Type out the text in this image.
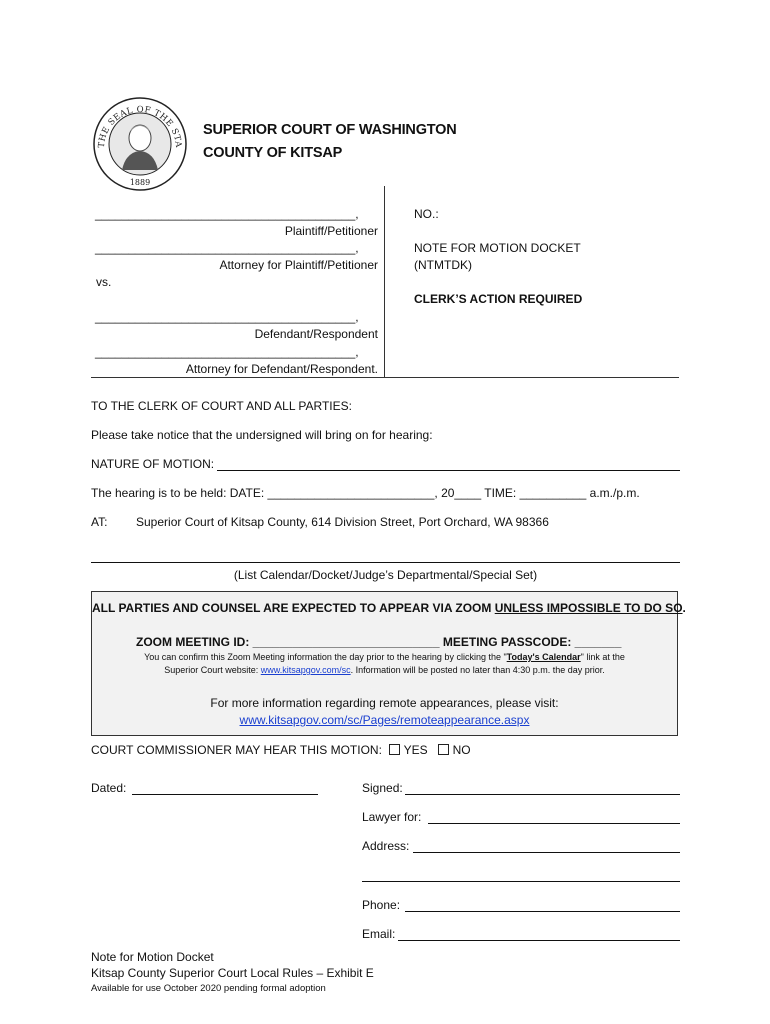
THE SEAL OF THE STA
1889
SUPERIOR COURT OF WASHINGTON
COUNTY OF KITSAP
_______________________________________,
Plaintiff/Petitioner
_______________________________________,
Attorney for Plaintiff/Petitioner
vs.
_______________________________________,
Defendant/Respondent
_______________________________________,
Attorney for Defendant/Respondent.
NO.:
NOTE FOR MOTION DOCKET
(NTMTDK)
CLERK’S ACTION REQUIRED
TO THE CLERK OF COURT AND ALL PARTIES:
Please take notice that the undersigned will bring on for hearing:
NATURE OF MOTION:
The hearing is to be held: DATE: _________________________, 20____ TIME: __________ a.m./p.m.
AT: Superior Court of Kitsap County, 614 Division Street, Port Orchard, WA 98366
(List Calendar/Docket/Judge’s Departmental/Special Set)
ALL PARTIES AND COUNSEL ARE EXPECTED TO APPEAR VIA ZOOM UNLESS IMPOSSIBLE TO DO SO.
ZOOM MEETING ID: ____________________________ MEETING PASSCODE: _______
You can confirm this Zoom Meeting information the day prior to the hearing by clicking the "Today's Calendar" link at the
Superior Court website: www.kitsapgov.com/sc. Information will be posted no later than 4:30 p.m. the day prior.
For more information regarding remote appearances, please visit:
www.kitsapgov.com/sc/Pages/remoteappearance.aspx
COURT COMMISSIONER MAY HEAR THIS MOTION: YES NO
Dated:	Signed:
Lawyer for:
Address:
Phone:
Email:
Note for Motion Docket
Kitsap County Superior Court Local Rules – Exhibit E
Available for use October 2020 pending formal adoption
